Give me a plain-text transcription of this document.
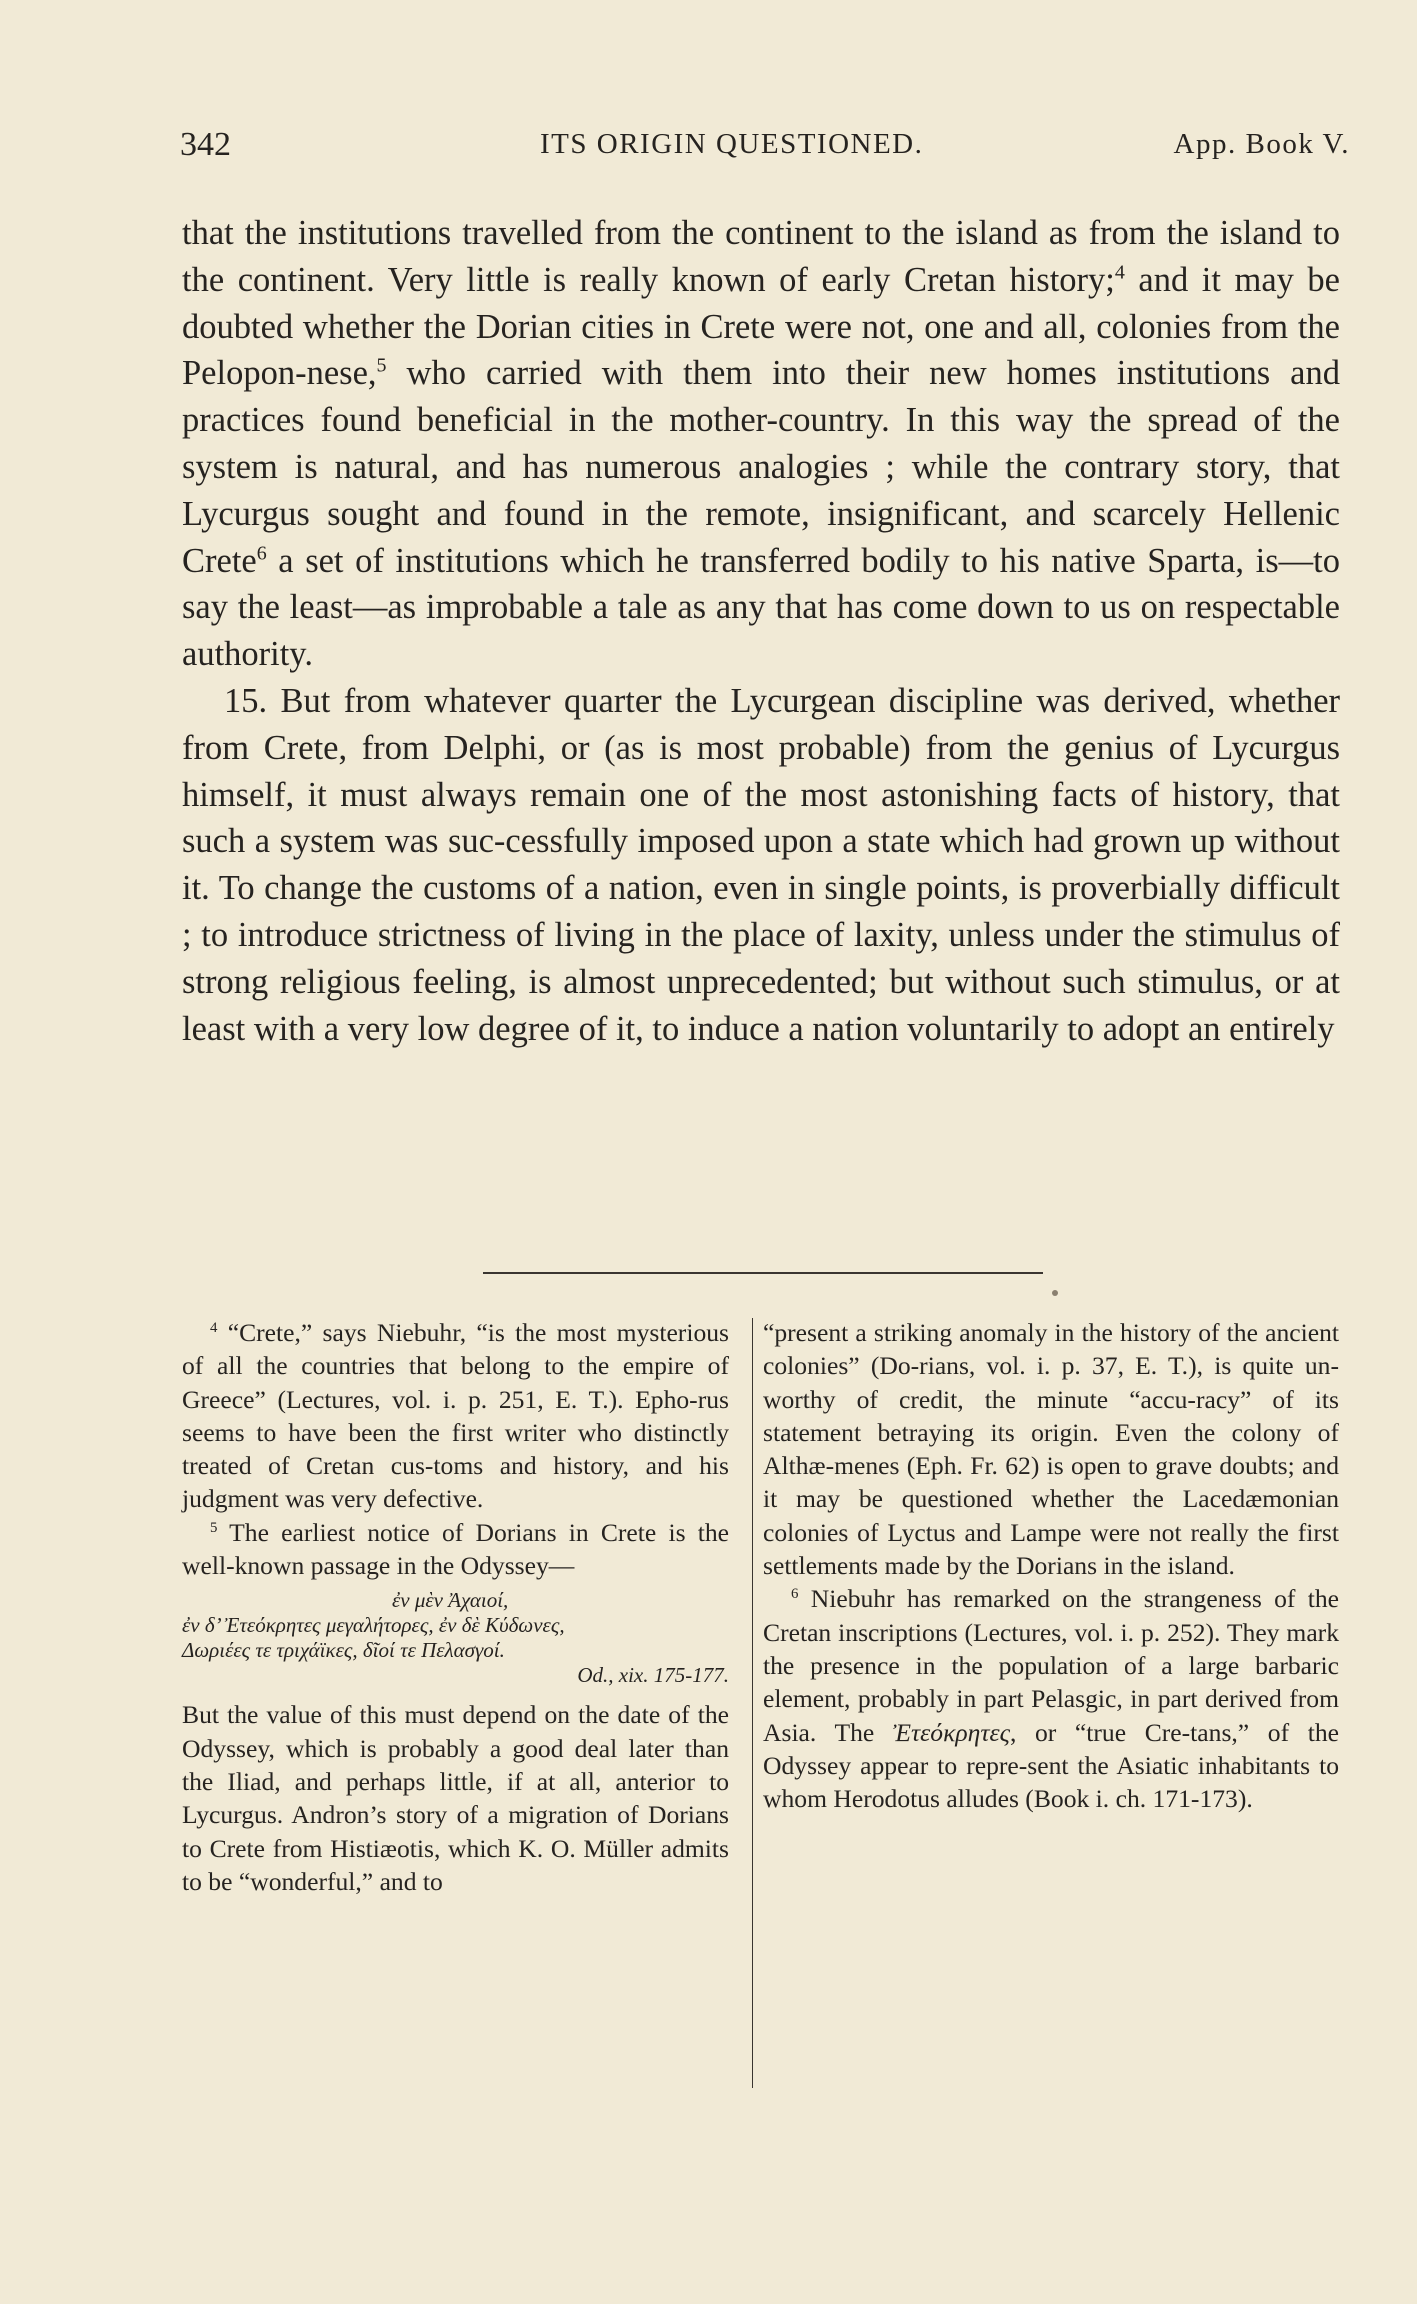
342	ITS ORIGIN QUESTIONED.	App. Book V.

that the institutions travelled from the continent to the island as from the island to the continent. Very little is really known of early Cretan history;$^4$ and it may be doubted whether the Dorian cities in Crete were not, one and all, colonies from the Pelopon-nese,$^5$ who carried with them into their new homes institutions and practices found beneficial in the mother-country. In this way the spread of the system is natural, and has numerous analogies ; while the contrary story, that Lycurgus sought and found in the remote, insignificant, and scarcely Hellenic Crete$^6$ a set of institutions which he transferred bodily to his native Sparta, is—to say the least—as improbable a tale as any that has come down to us on respectable authority.

15. But from whatever quarter the Lycurgean discipline was derived, whether from Crete, from Delphi, or (as is most probable) from the genius of Lycurgus himself, it must always remain one of the most astonishing facts of history, that such a system was suc-cessfully imposed upon a state which had grown up without it. To change the customs of a nation, even in single points, is proverbially difficult ; to introduce strictness of living in the place of laxity, unless under the stimulus of strong religious feeling, is almost unprecedented; but without such stimulus, or at least with a very low degree of it, to induce a nation voluntarily to adopt an entirely

$^4$ “Crete,” says Niebuhr, “is the most mysterious of all the countries that belong to the empire of Greece” (Lectures, vol. i. p. 251, E. T.). Epho-rus seems to have been the first writer who distinctly treated of Cretan cus-toms and history, and his judgment was very defective.

$^5$ The earliest notice of Dorians in Crete is the well-known passage in the Odyssey—

ἐν μὲν Ἀχαιοί,
ἐν δ’ Ἐτεόκρητες μεγαλήτορες, ἐν δὲ Κύδωνες,
Δωριέες τε τριχάϊκες, δῖοί τε Πελασγοί.
Od., xix. 175-177.

But the value of this must depend on the date of the Odyssey, which is probably a good deal later than the Iliad, and perhaps little, if at all, anterior to Lycurgus. Andron’s story of a migration of Dorians to Crete from Histiæotis, which K. O. Müller admits to be “wonderful,” and to

“present a striking anomaly in the history of the ancient colonies” (Do-rians, vol. i. p. 37, E. T.), is quite un-worthy of credit, the minute “accu-racy” of its statement betraying its origin. Even the colony of Althæ-menes (Eph. Fr. 62) is open to grave doubts; and it may be questioned whether the Lacedæmonian colonies of Lyctus and Lampe were not really the first settlements made by the Dorians in the island.

$^6$ Niebuhr has remarked on the strangeness of the Cretan inscriptions (Lectures, vol. i. p. 252). They mark the presence in the population of a large barbaric element, probably in part Pelasgic, in part derived from Asia. The Ἐτεόκρητες, or “true Cre-tans,” of the Odyssey appear to repre-sent the Asiatic inhabitants to whom Herodotus alludes (Book i. ch. 171-173).
